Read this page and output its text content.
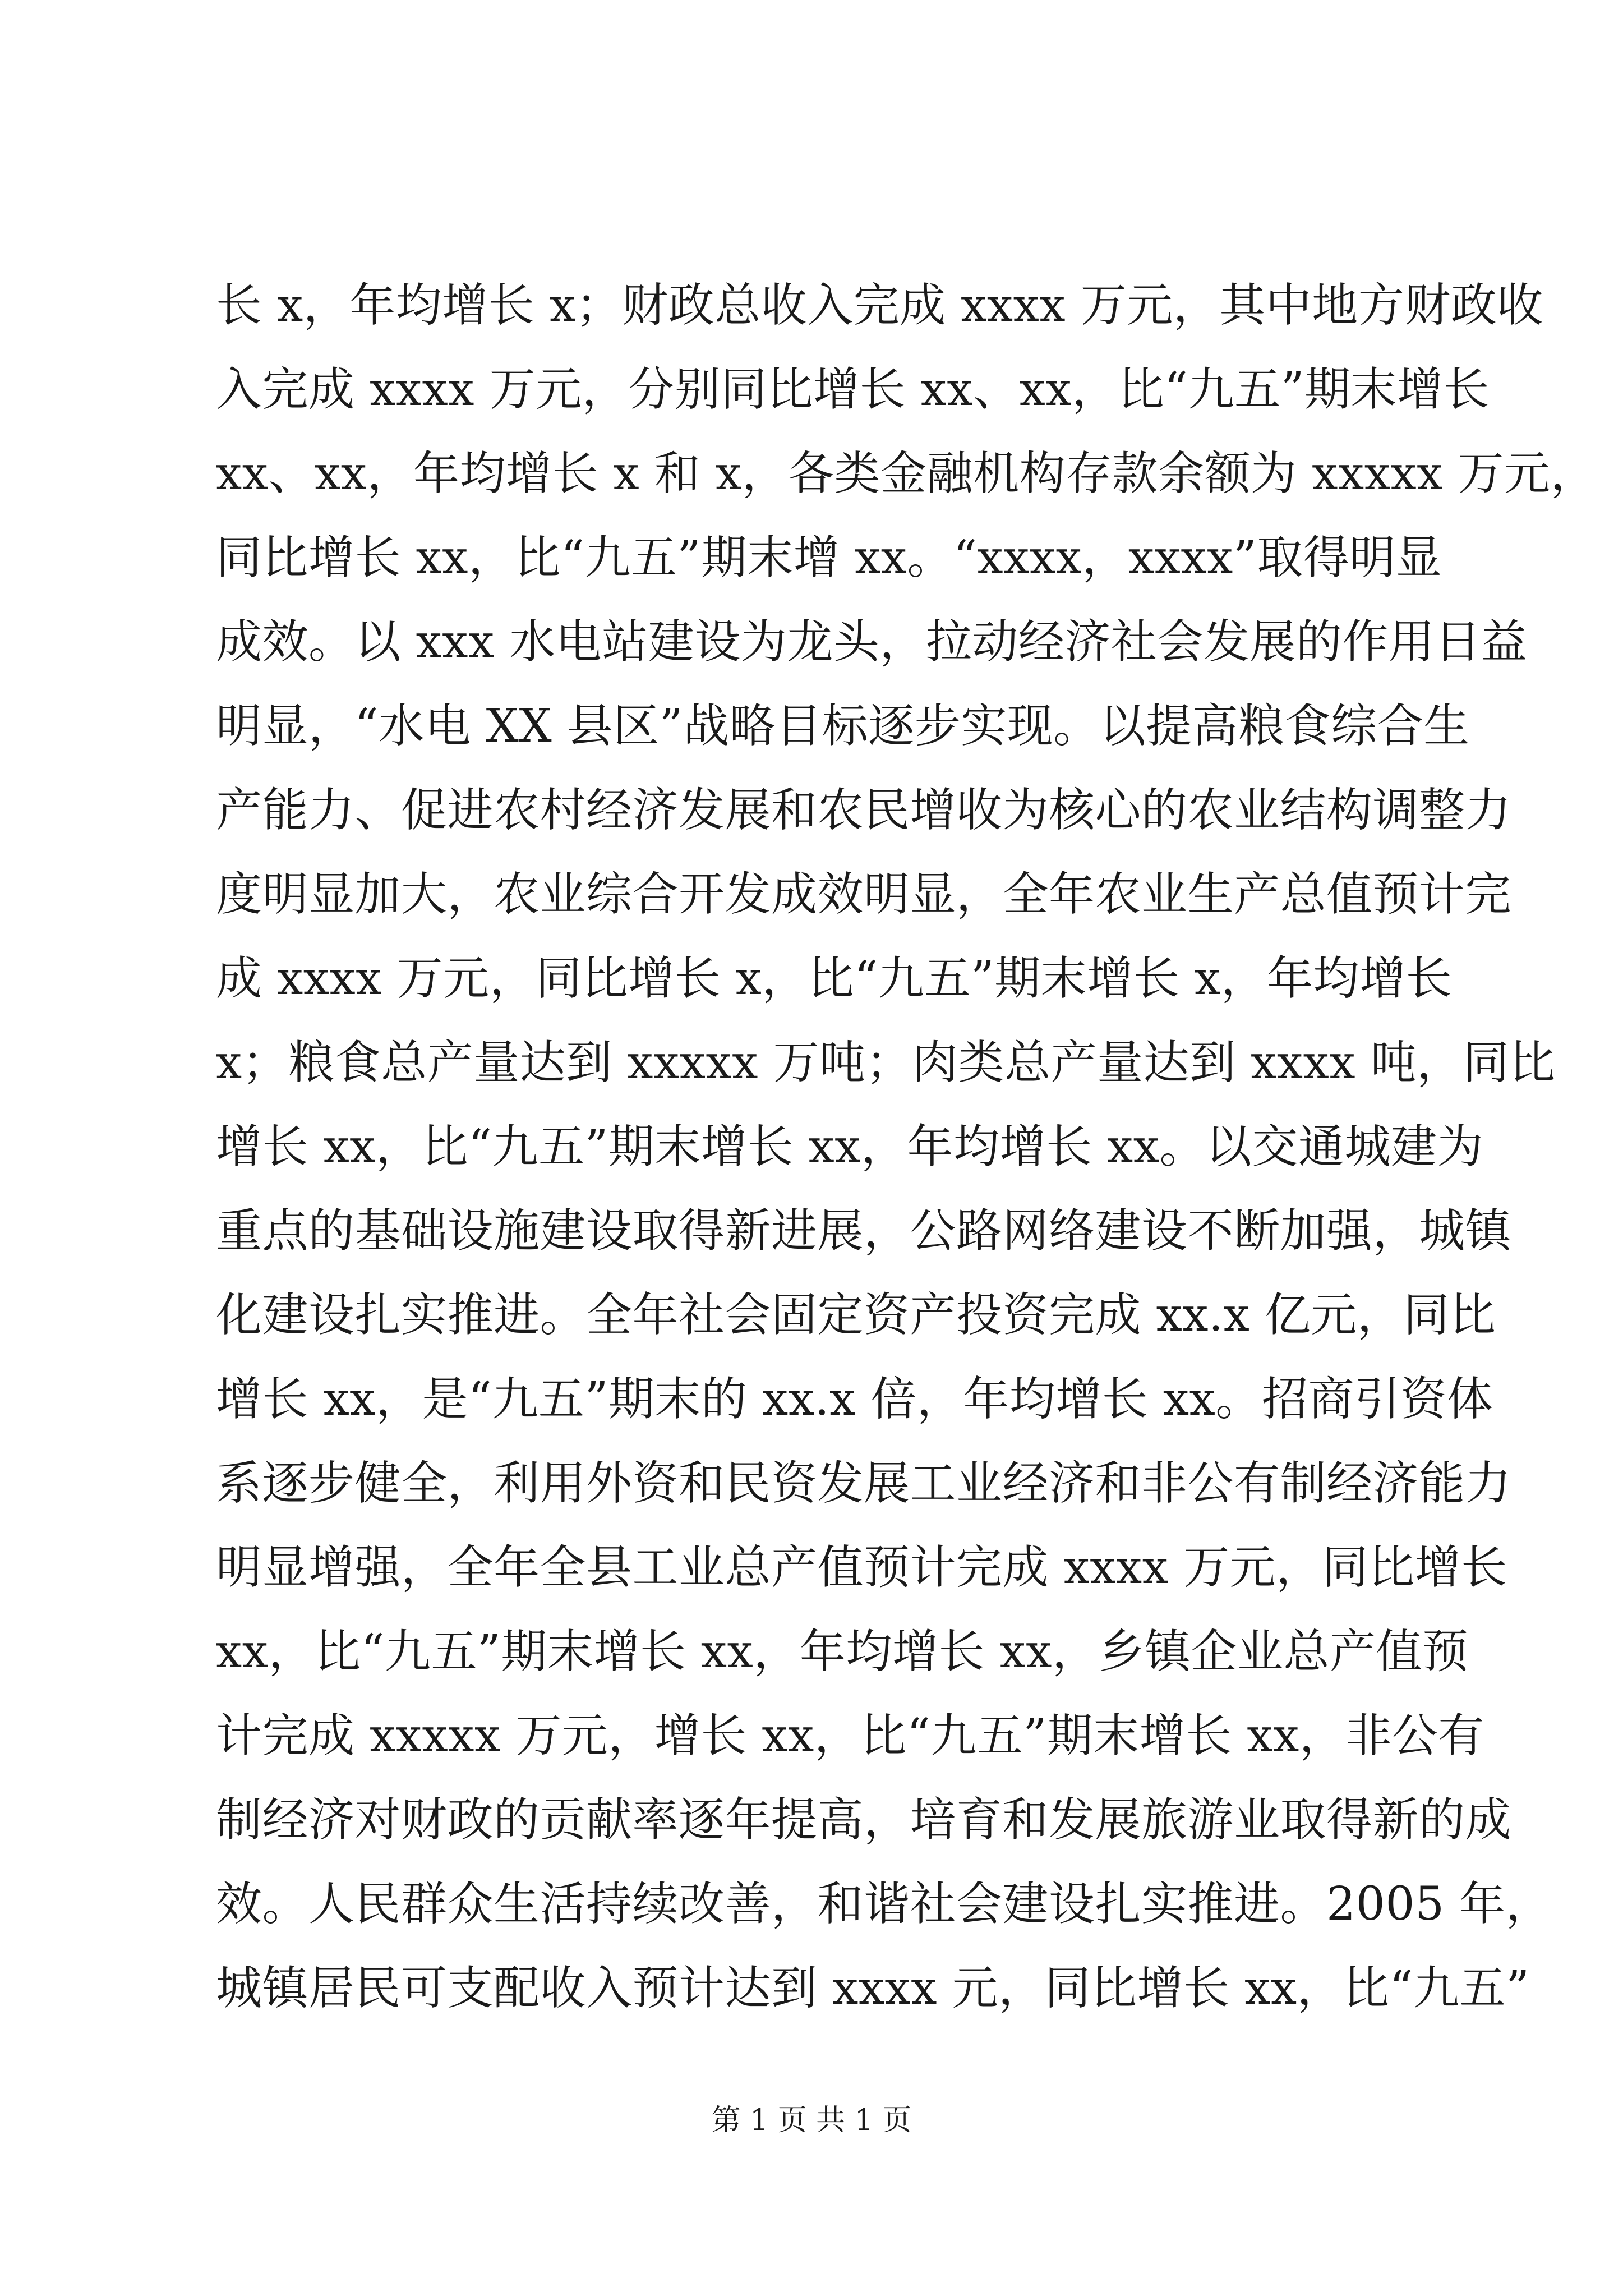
长 x，年均增长 x；财政总收入完成 xxxx 万元，其中地方财政收
入完成 xxxx 万元，分别同比增长 xx、xx，比“九五”期末增长
xx、xx，年均增长 x 和 x，各类金融机构存款余额为 xxxxx 万元，
同比增长 xx，比“九五”期末增 xx。“xxxx，xxxx”取得明显
成效。以 xxx 水电站建设为龙头，拉动经济社会发展的作用日益
明显，“水电 XX 县区”战略目标逐步实现。以提高粮食综合生
产能力、促进农村经济发展和农民增收为核心的农业结构调整力
度明显加大，农业综合开发成效明显，全年农业生产总值预计完
成 xxxx 万元，同比增长 x，比“九五”期末增长 x，年均增长
x；粮食总产量达到 xxxxx 万吨；肉类总产量达到 xxxx 吨，同比
增长 xx，比“九五”期末增长 xx，年均增长 xx。以交通城建为
重点的基础设施建设取得新进展，公路网络建设不断加强，城镇
化建设扎实推进。全年社会固定资产投资完成 xx.x 亿元，同比
增长 xx，是“九五”期末的 xx.x 倍，年均增长 xx。招商引资体
系逐步健全，利用外资和民资发展工业经济和非公有制经济能力
明显增强，全年全县工业总产值预计完成 xxxx 万元，同比增长
xx，比“九五”期末增长 xx，年均增长 xx，乡镇企业总产值预
计完成 xxxxx 万元，增长 xx，比“九五”期末增长 xx，非公有
制经济对财政的贡献率逐年提高，培育和发展旅游业取得新的成
效。人民群众生活持续改善，和谐社会建设扎实推进。2005 年，
城镇居民可支配收入预计达到 xxxx 元，同比增长 xx，比“九五”
第 1 页 共 1 页
